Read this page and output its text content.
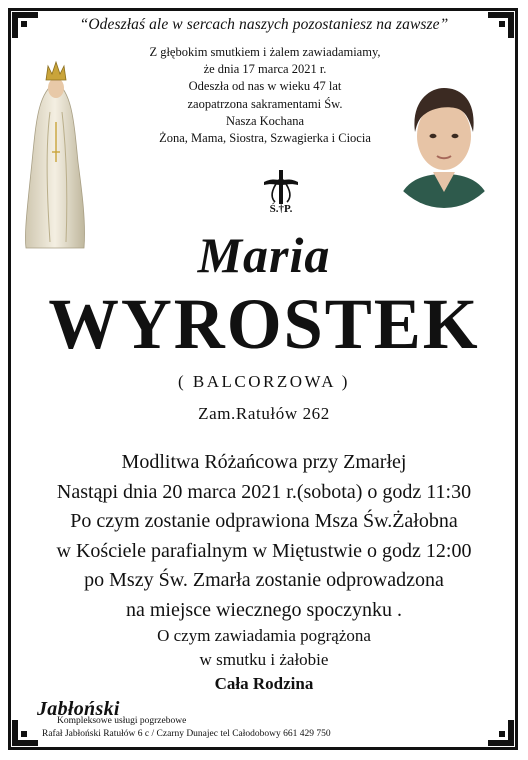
“Odeszłaś ale w sercach naszych pozostaniesz na zawsze”
Z głębokim smutkiem i żalem zawiadamiamy,
że dnia 17 marca 2021 r.
Odeszła od nas w wieku 47 lat
zaopatrzona sakramentami Św.
Nasza Kochana
Żona, Mama, Siostra, Szwagierka i Ciocia
Ś.†P.
Maria
WYROSTEK
( BALCORZOWA )
Zam.Ratułów 262
Modlitwa Różańcowa przy Zmarłej
Nastąpi dnia 20 marca 2021 r.(sobota) o godz 11:30
Po czym zostanie odprawiona Msza Św.Żałobna
w Kościele parafialnym w Miętustwie o godz 12:00
po Mszy Św. Zmarła zostanie odprowadzona
na miejsce wiecznego spoczynku .
O czym zawiadamia pogrążona
w smutku i żałobie
Cała Rodzina
Jabłoński
Kompleksowe usługi pogrzebowe
Rafał Jabłoński Ratułów 6 c / Czarny Dunajec tel Całodobowy 661 429 750
